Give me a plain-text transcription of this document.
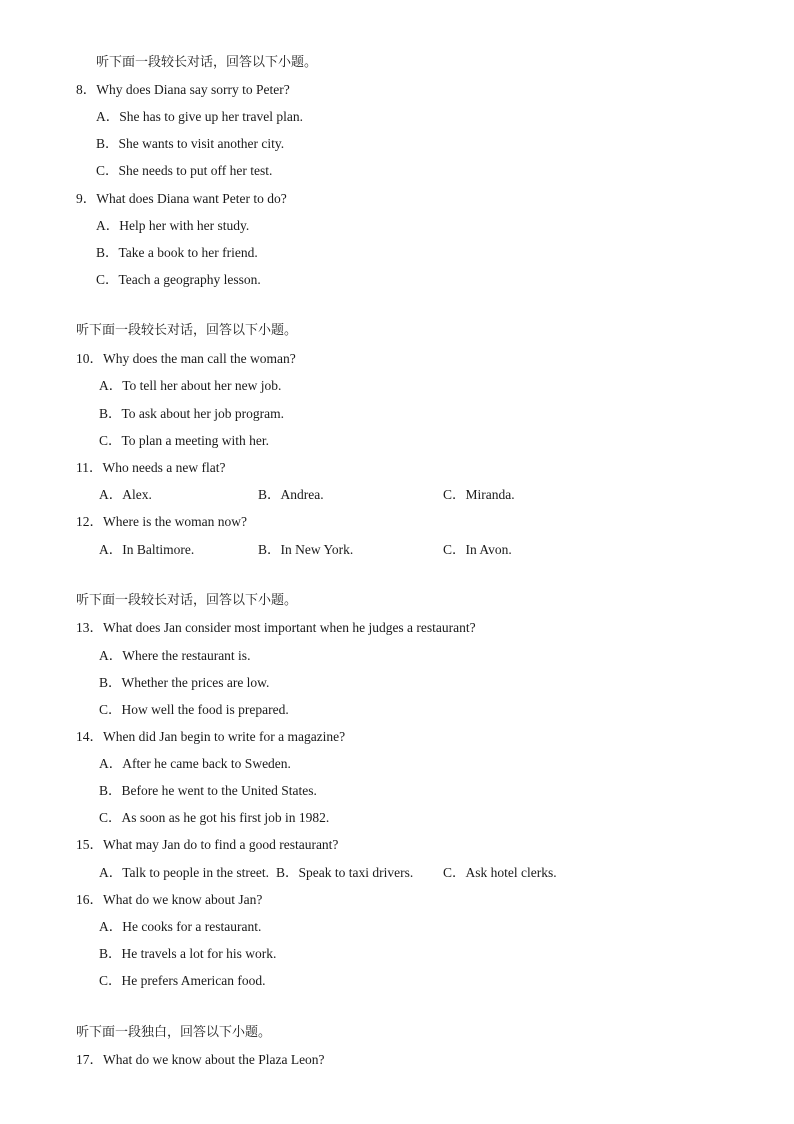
听下面一段较长对话，回答以下小题。
8．Why does Diana say sorry to Peter?
A．She has to give up her travel plan.
B．She wants to visit another city.
C．She needs to put off her test.
9．What does Diana want Peter to do?
A．Help her with her study.
B．Take a book to her friend.
C．Teach a geography lesson.
听下面一段较长对话，回答以下小题。
10．Why does the man call the woman?
A．To tell her about her new job.
B．To ask about her job program.
C．To plan a meeting with her.
11．Who needs a new flat?
A．Alex.	B．Andrea.	C．Miranda.
12．Where is the woman now?
A．In Baltimore.	B．In New York.	C．In Avon.
听下面一段较长对话，回答以下小题。
13．What does Jan consider most important when he judges a restaurant?
A．Where the restaurant is.
B．Whether the prices are low.
C．How well the food is prepared.
14．When did Jan begin to write for a magazine?
A．After he came back to Sweden.
B．Before he went to the United States.
C．As soon as he got his first job in 1982.
15．What may Jan do to find a good restaurant?
A．Talk to people in the street. B．Speak to taxi drivers. C．Ask hotel clerks.
16．What do we know about Jan?
A．He cooks for a restaurant.
B．He travels a lot for his work.
C．He prefers American food.
听下面一段独白，回答以下小题。
17．What do we know about the Plaza Leon?
